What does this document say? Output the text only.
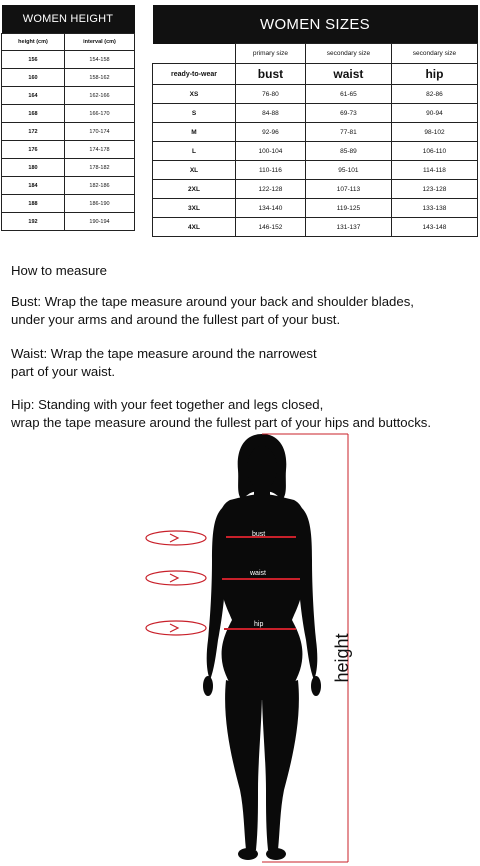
WOMEN HEIGHT	
height (cm)	interval (cm)
156	154-158
160	158-162
164	162-166
168	166-170
172	170-174
176	174-178
180	178-182
184	182-186
188	186-190
192	190-194
WOMEN SIZES			
	primary size	secondary size	secondary size
ready-to-wear	bust	waist	hip
XS	76-80	61-65	82-86
S	84-88	69-73	90-94
M	92-96	77-81	98-102
L	100-104	85-89	106-110
XL	110-116	95-101	114-118
2XL	122-128	107-113	123-128
3XL	134-140	119-125	133-138
4XL	146-152	131-137	143-148
How to measure
Bust: Wrap the tape measure around your back and shoulder blades,
under your arms and around the fullest part of your bust.
Waist: Wrap the tape measure around the narrowest
part of your waist.
Hip: Standing with your feet together and legs closed,
wrap the tape measure around the fullest part of your hips and buttocks.
bust
waist
hip
height
